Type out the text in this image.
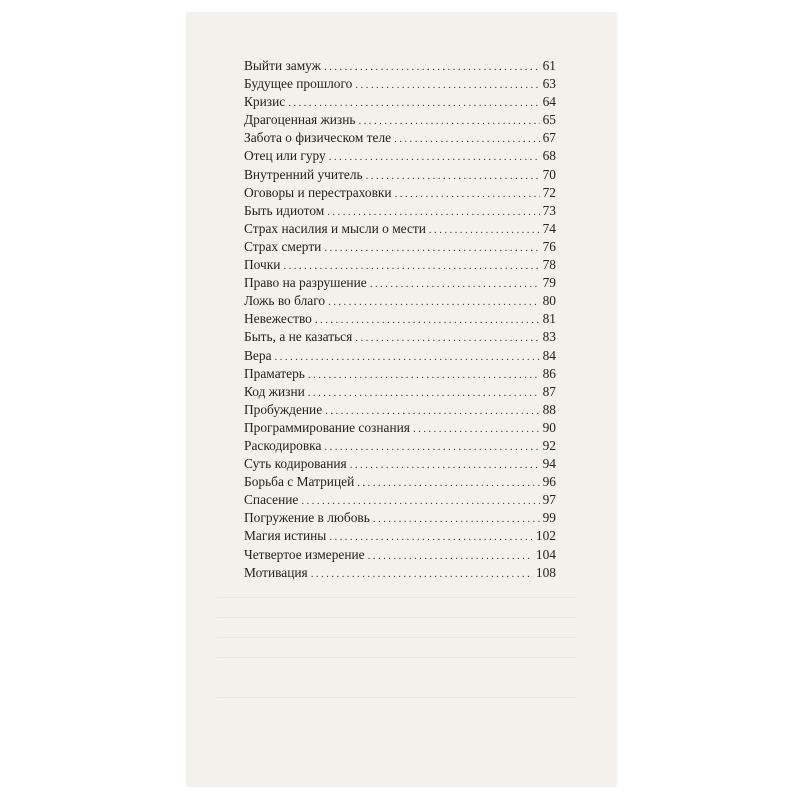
Выйти замуж .....	61
Будущее прошлого .....	63
Кризис .....	64
Драгоценная жизнь .....	65
Забота о физическом теле .....	67
Отец или гуру .....	68
Внутренний учитель .....	70
Оговоры и перестраховки .....	72
Быть идиотом .....	73
Страх насилия и мысли о мести .....	74
Страх смерти .....	76
Почки .....	78
Право на разрушение .....	79
Ложь во благо .....	80
Невежество .....	81
Быть, а не казаться .....	83
Вера .....	84
Праматерь .....	86
Код жизни .....	87
Пробуждение .....	88
Программирование сознания .....	90
Раскодировка .....	92
Суть кодирования .....	94
Борьба с Матрицей .....	96
Спасение .....	97
Погружение в любовь .....	99
Магия истины .....	102
Четвертое измерение .....	104
Мотивация .....	108
